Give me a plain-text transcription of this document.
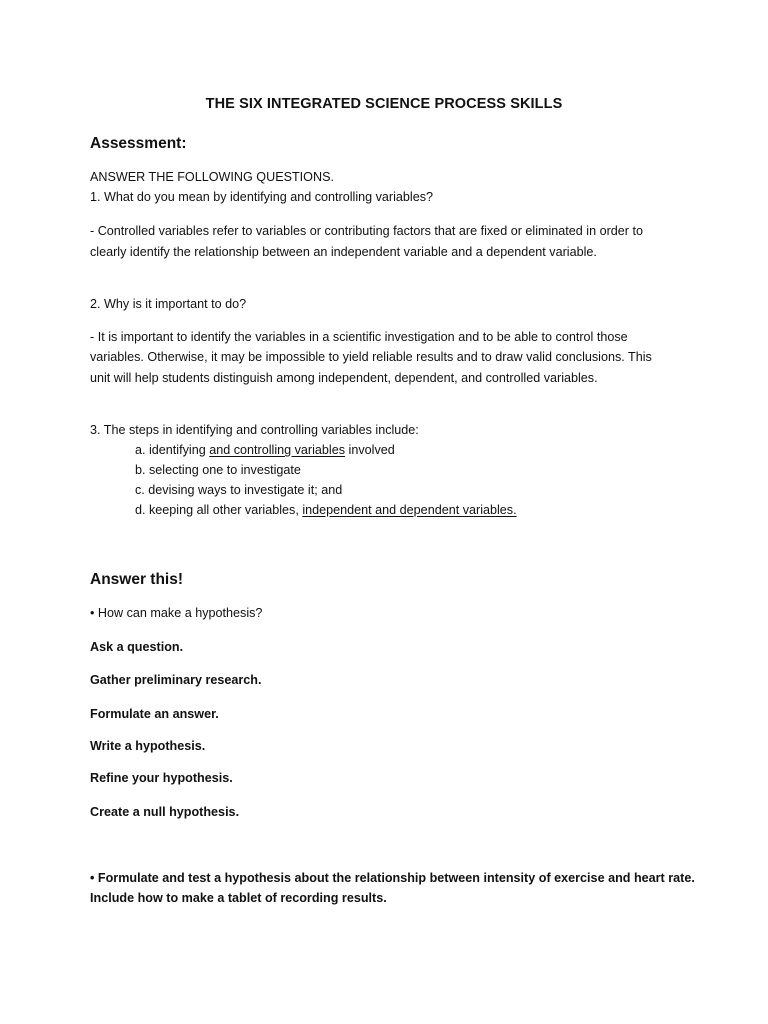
THE SIX INTEGRATED SCIENCE PROCESS SKILLS
Assessment:

ANSWER THE FOLLOWING QUESTIONS.

1. What do you mean by identifying and controlling variables?

- Controlled variables refer to variables or contributing factors that are fixed or eliminated in order to

clearly identify the relationship between an independent variable and a dependent variable.

2. Why is it important to do?

- It is important to identify the variables in a scientific investigation and to be able to control those

variables. Otherwise, it may be impossible to yield reliable results and to draw valid conclusions. This

unit will help students distinguish among independent, dependent, and controlled variables.

3. The steps in identifying and controlling variables include:

a. identifying and controlling variables involved

b. selecting one to investigate

c. devising ways to investigate it; and

d. keeping all other variables, independent and dependent variables.

Answer this!

• How can make a hypothesis?

Ask a question.

Gather preliminary research.

Formulate an answer.

Write a hypothesis.

Refine your hypothesis.

Create a null hypothesis.

• Formulate and test a hypothesis about the relationship between intensity of exercise and heart rate.

Include how to make a tablet of recording results.
